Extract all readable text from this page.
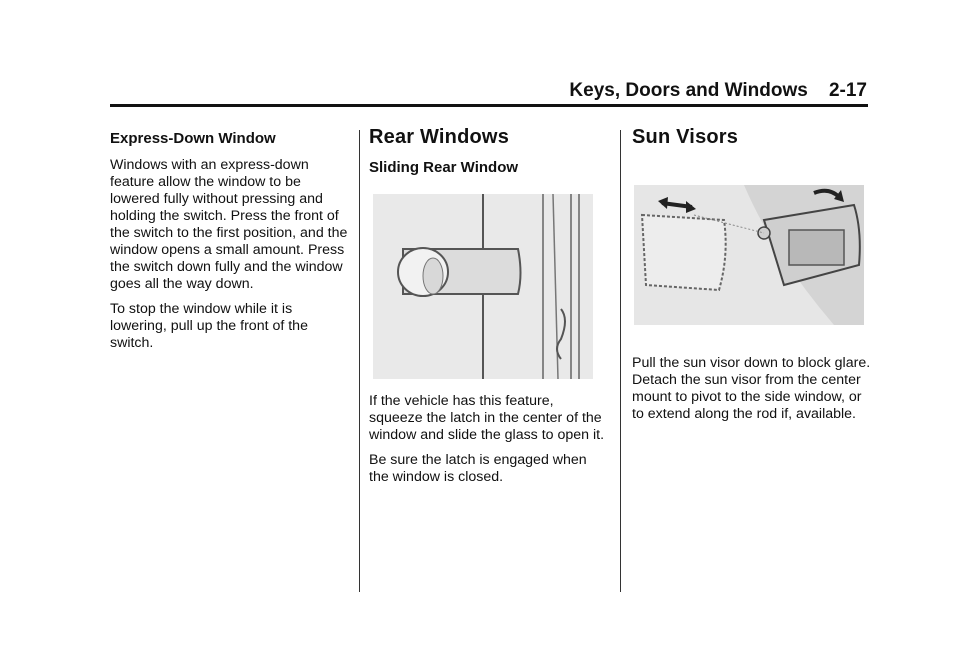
Keys, Doors and Windows 2-17
Express-Down Window

Windows with an express-down feature allow the window to be lowered fully without pressing and holding the switch. Press the front of the switch to the first position, and the window opens a small amount. Press the switch down fully and the window goes all the way down.

To stop the window while it is lowering, pull up the front of the switch.

Rear Windows
Sliding Rear Window

If the vehicle has this feature, squeeze the latch in the center of the window and slide the glass to open it.

Be sure the latch is engaged when the window is closed.

Sun Visors

Pull the sun visor down to block glare. Detach the sun visor from the center mount to pivot to the side window, or to extend along the rod if, available.
